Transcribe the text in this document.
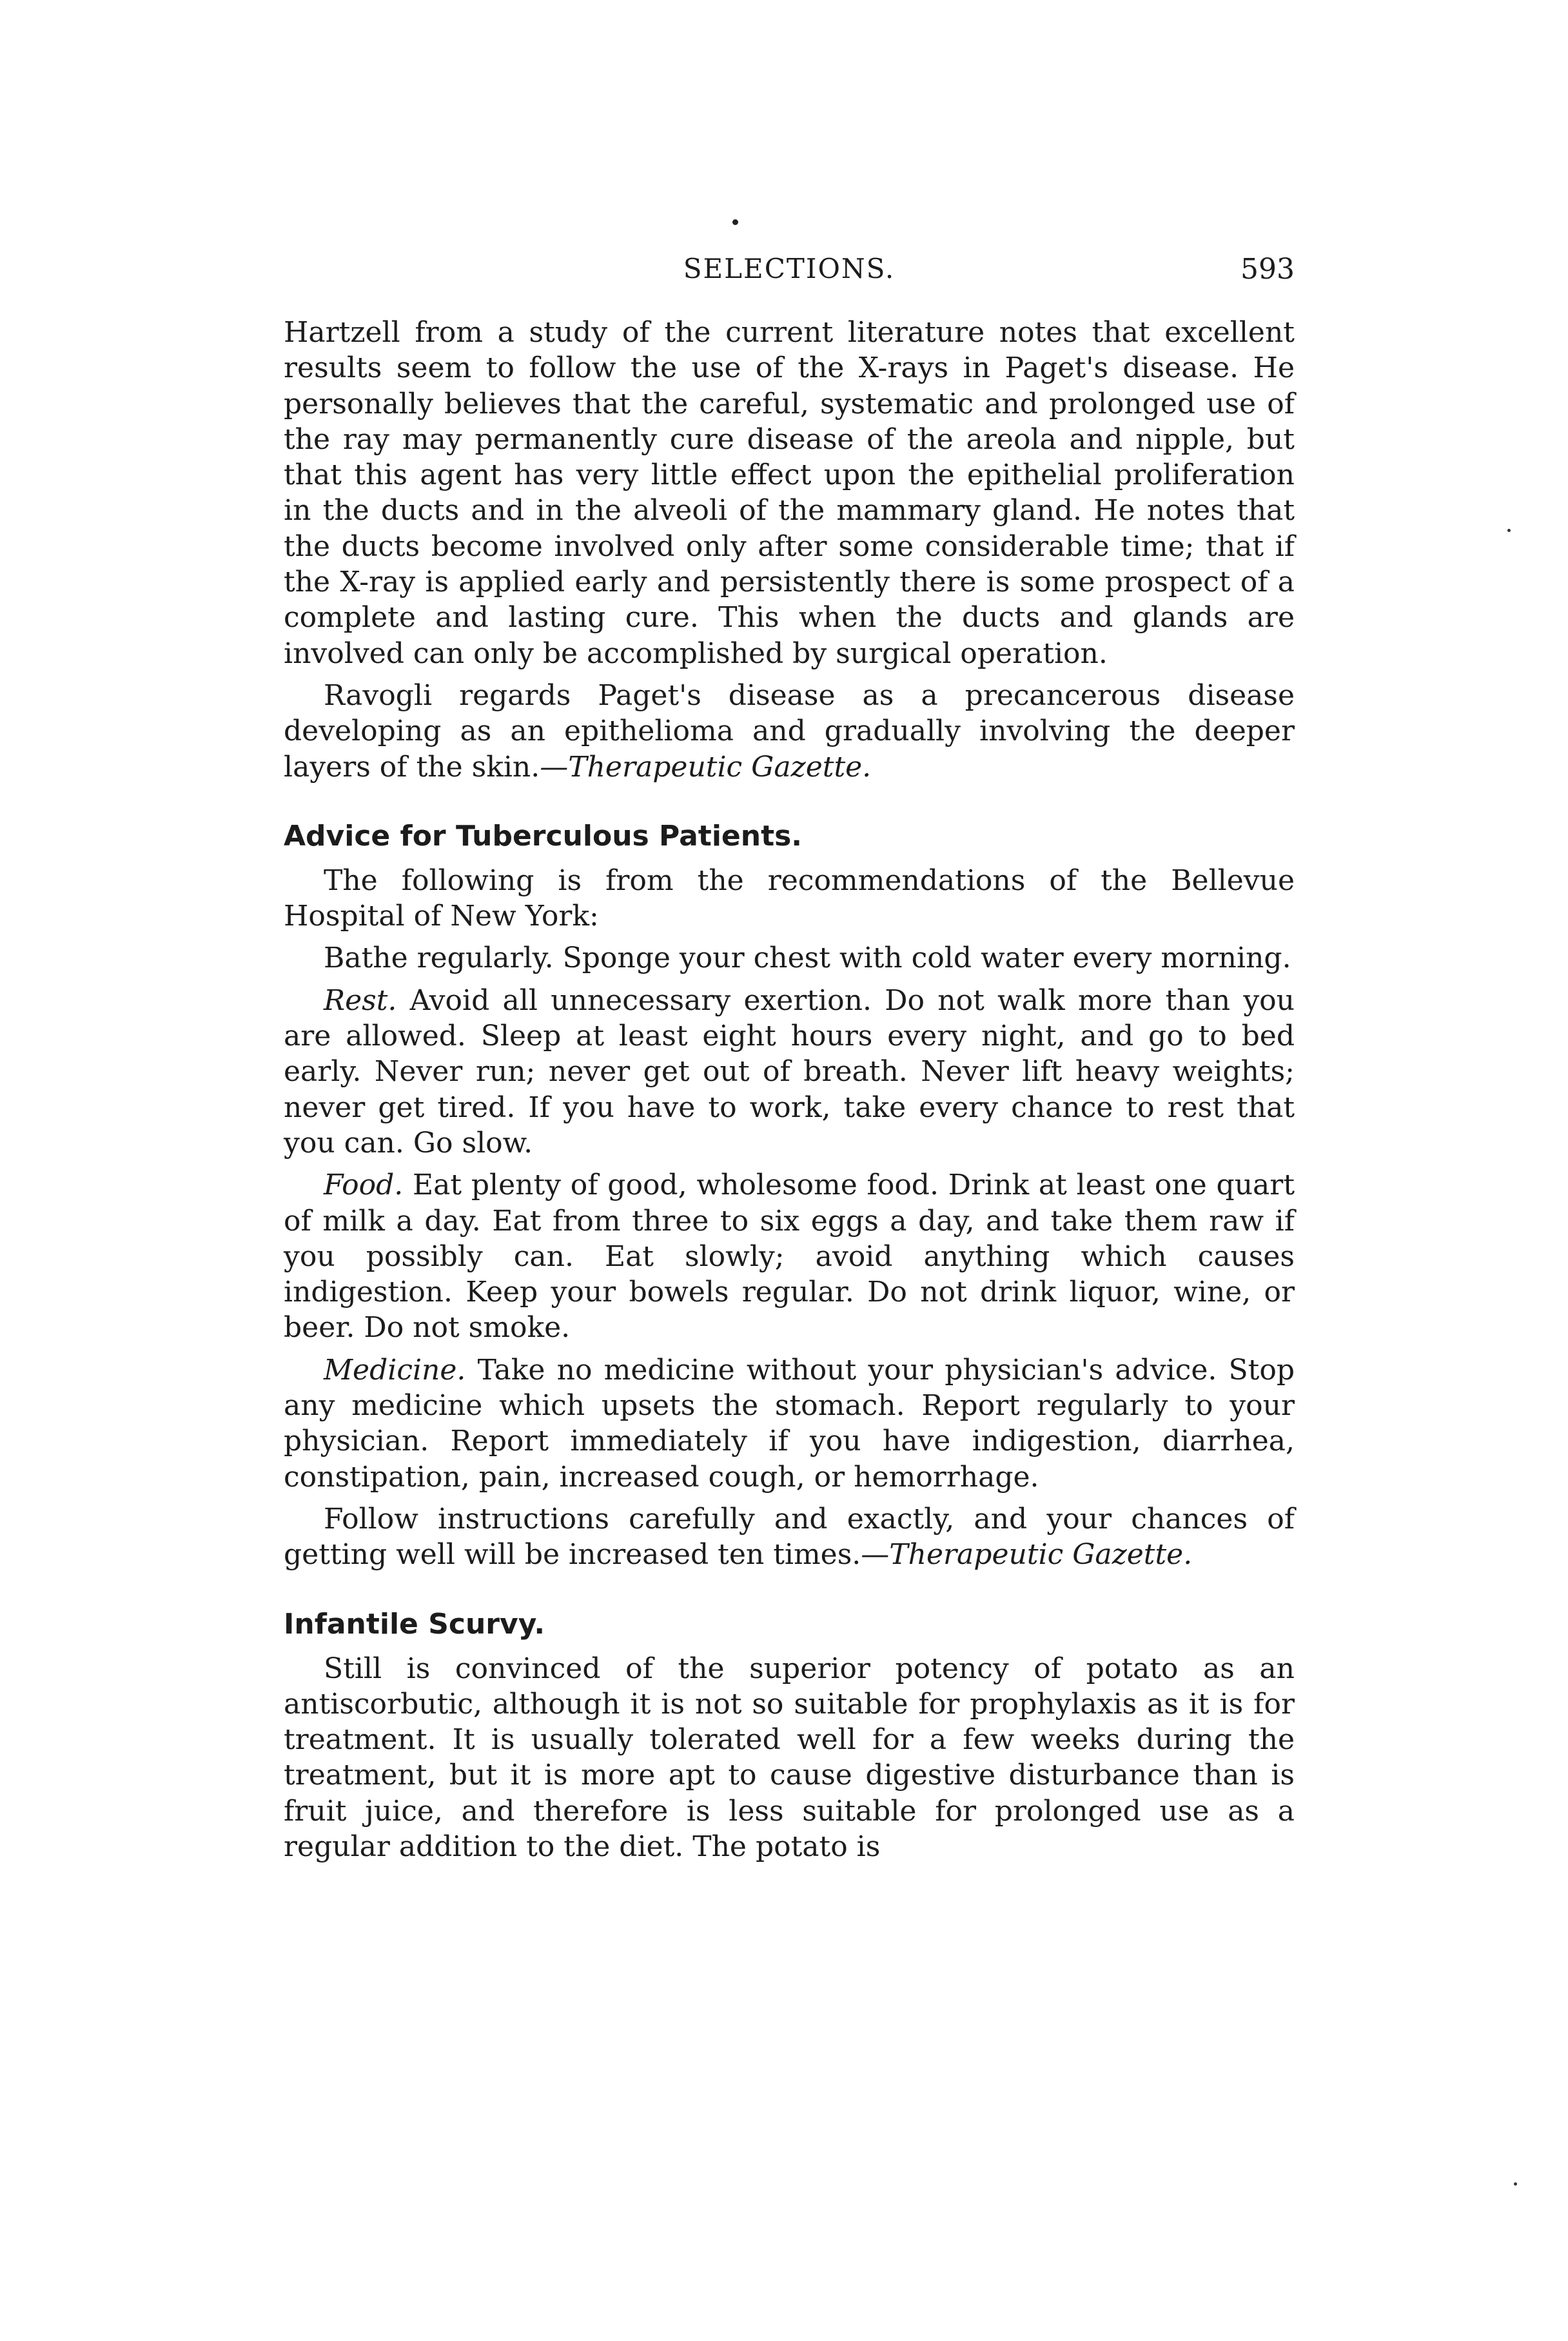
SELECTIONS.	593

Hartzell from a study of the current literature notes that excellent results seem to follow the use of the X-rays in Paget's disease. He personally believes that the careful, systematic and prolonged use of the ray may permanently cure disease of the areola and nipple, but that this agent has very little effect upon the epithelial proliferation in the ducts and in the alveoli of the mammary gland. He notes that the ducts become involved only after some considerable time; that if the X-ray is applied early and persistently there is some prospect of a complete and lasting cure. This when the ducts and glands are involved can only be accomplished by surgical operation.

Ravogli regards Paget's disease as a precancerous disease developing as an epithelioma and gradually involving the deeper layers of the skin.—Therapeutic Gazette.

Advice for Tuberculous Patients.

The following is from the recommendations of the Bellevue Hospital of New York:

Bathe regularly. Sponge your chest with cold water every morning.

Rest. Avoid all unnecessary exertion. Do not walk more than you are allowed. Sleep at least eight hours every night, and go to bed early. Never run; never get out of breath. Never lift heavy weights; never get tired. If you have to work, take every chance to rest that you can. Go slow.

Food. Eat plenty of good, wholesome food. Drink at least one quart of milk a day. Eat from three to six eggs a day, and take them raw if you possibly can. Eat slowly; avoid anything which causes indigestion. Keep your bowels regular. Do not drink liquor, wine, or beer. Do not smoke.

Medicine. Take no medicine without your physician's advice. Stop any medicine which upsets the stomach. Report regularly to your physician. Report immediately if you have indigestion, diarrhea, constipation, pain, increased cough, or hemorrhage.

Follow instructions carefully and exactly, and your chances of getting well will be increased ten times.—Therapeutic Gazette.

Infantile Scurvy.

Still is convinced of the superior potency of potato as an antiscorbutic, although it is not so suitable for prophylaxis as it is for treatment. It is usually tolerated well for a few weeks during the treatment, but it is more apt to cause digestive disturbance than is fruit juice, and therefore is less suitable for prolonged use as a regular addition to the diet. The potato is
